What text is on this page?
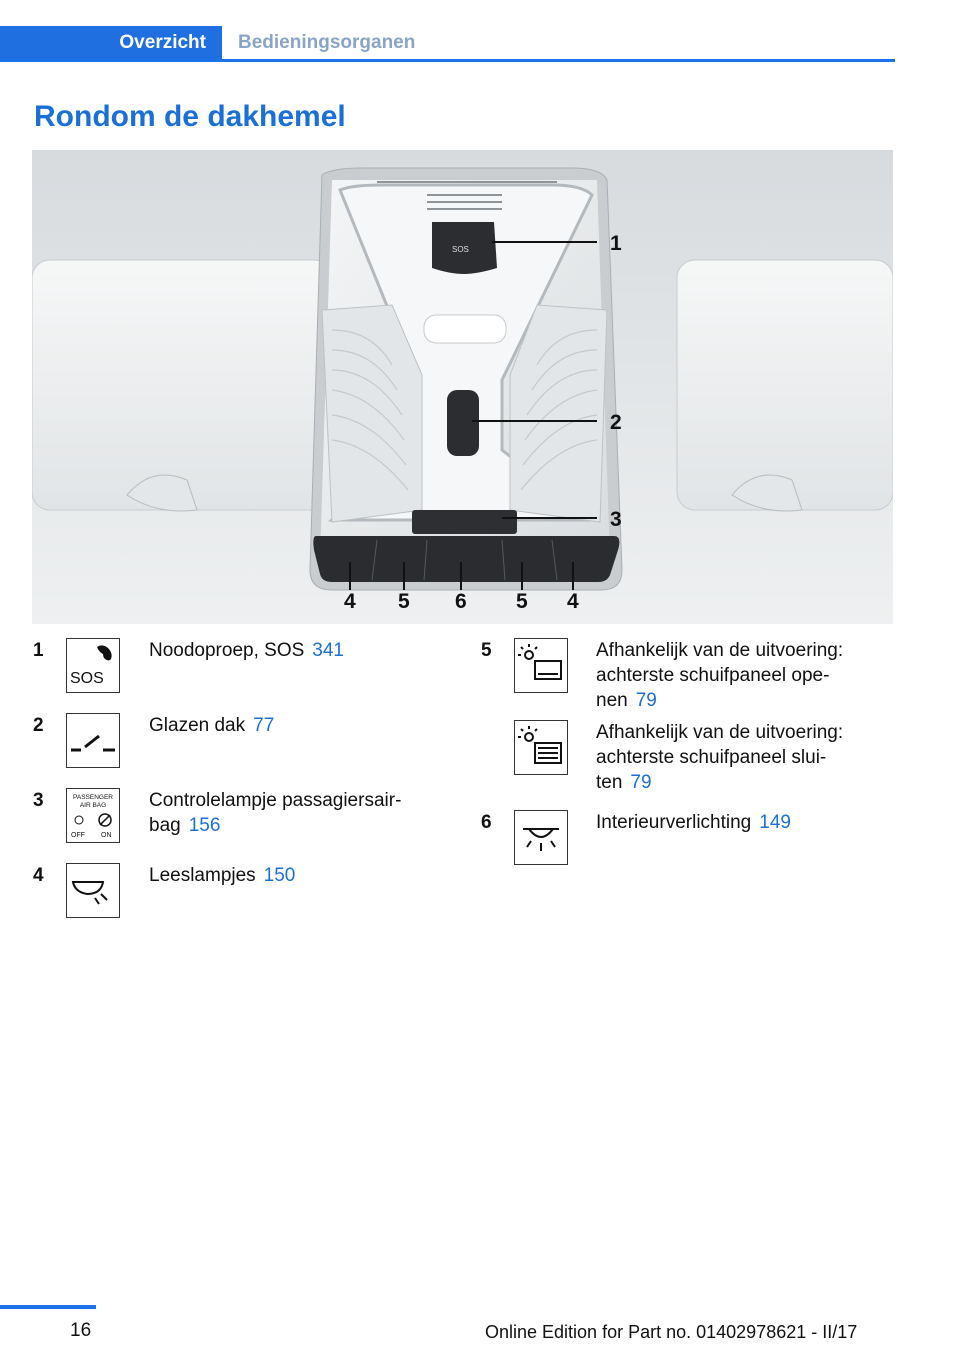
Overzicht	Bedieningsorganen
Rondom de dakhemel
SOS	1
2
3
4 5 6 5 4
1
SOS
Noodoproep, SOS 341
2	Glazen dak 77
3	PASSENGER
AIR BAG
OFF ON
Controlelampje passagiersair-
bag 156
4	Leeslampjes 150
5	Afhankelijk van de uitvoering:
achterste schuifpaneel ope-
nen 79
Afhankelijk van de uitvoering:
achterste schuifpaneel slui-
ten 79
6	Interieurverlichting 149
16	Online Edition for Part no. 01402978621 - II/17
